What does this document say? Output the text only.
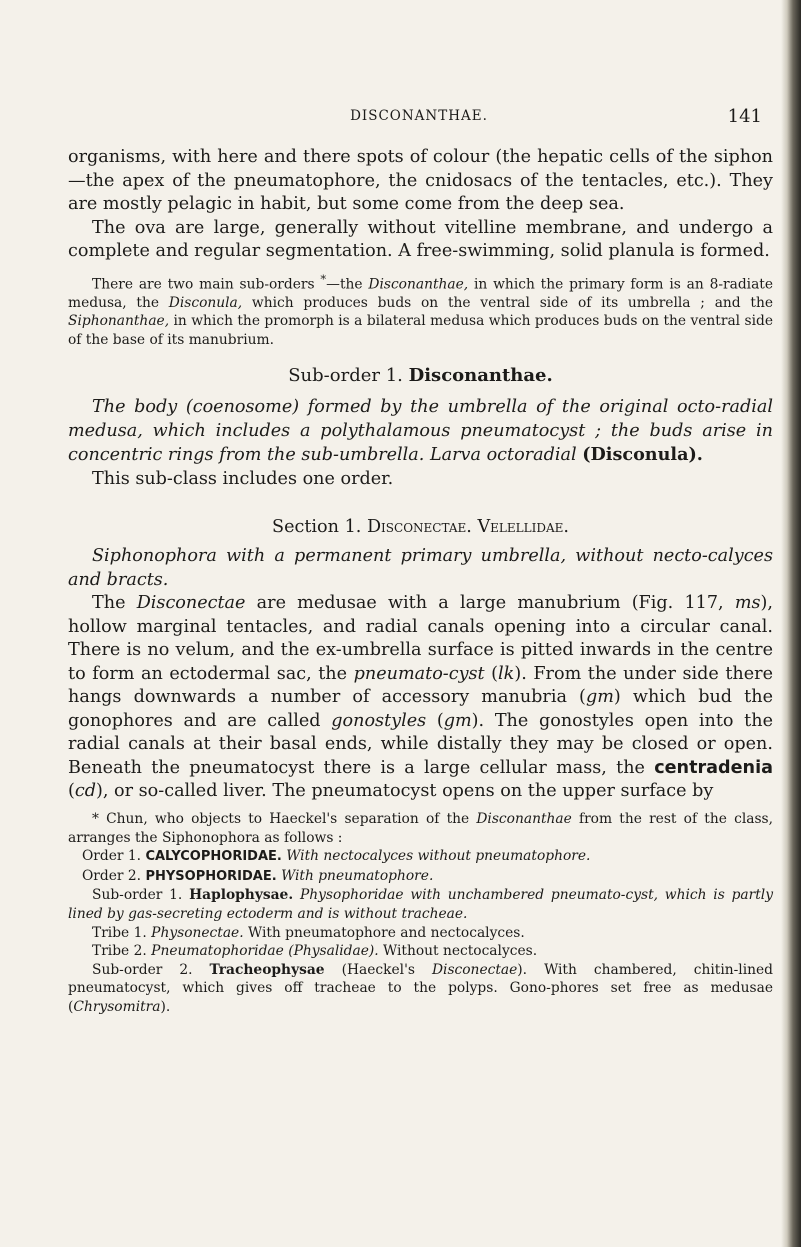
DISCONANTHAE.	141

organisms, with here and there spots of colour (the hepatic cells of the siphon—the apex of the pneumatophore, the cnidosacs of the tentacles, etc.). They are mostly pelagic in habit, but some come from the deep sea.

The ova are large, generally without vitelline membrane, and undergo a complete and regular segmentation. A free-swimming, solid planula is formed.

There are two main sub-orders *—the Disconanthae, in which the primary form is an 8-radiate medusa, the Disconula, which produces buds on the ventral side of its umbrella ; and the Siphonanthae, in which the promorph is a bilateral medusa which produces buds on the ventral side of the base of its manubrium.

Sub-order 1. Disconanthae.

The body (coenosome) formed by the umbrella of the original octo-radial medusa, which includes a polythalamous pneumatocyst ; the buds arise in concentric rings from the sub-umbrella. Larva octoradial (Disconula).

This sub-class includes one order.

Section 1. Disconectae. Velellidae.

Siphonophora with a permanent primary umbrella, without necto-calyces and bracts.

The Disconectae are medusae with a large manubrium (Fig. 117, ms), hollow marginal tentacles, and radial canals opening into a circular canal. There is no velum, and the ex-umbrella surface is pitted inwards in the centre to form an ectodermal sac, the pneumato-cyst (lk). From the under side there hangs downwards a number of accessory manubria (gm) which bud the gonophores and are called gonostyles (gm). The gonostyles open into the radial canals at their basal ends, while distally they may be closed or open. Beneath the pneumatocyst there is a large cellular mass, the centradenia (cd), or so-called liver. The pneumatocyst opens on the upper surface by

* Chun, who objects to Haeckel's separation of the Disconanthae from the rest of the class, arranges the Siphonophora as follows :

Order 1. CALYCOPHORIDAE. With nectocalyces without pneumatophore.

Order 2. PHYSOPHORIDAE. With pneumatophore.

Sub-order 1. Haplophysae. Physophoridae with unchambered pneumato-cyst, which is partly lined by gas-secreting ectoderm and is without tracheae.

Tribe 1. Physonectae. With pneumatophore and nectocalyces.

Tribe 2. Pneumatophoridae (Physalidae). Without nectocalyces.

Sub-order 2. Tracheophysae (Haeckel's Disconectae). With chambered, chitin-lined pneumatocyst, which gives off tracheae to the polyps. Gono-phores set free as medusae (Chrysomitra).
